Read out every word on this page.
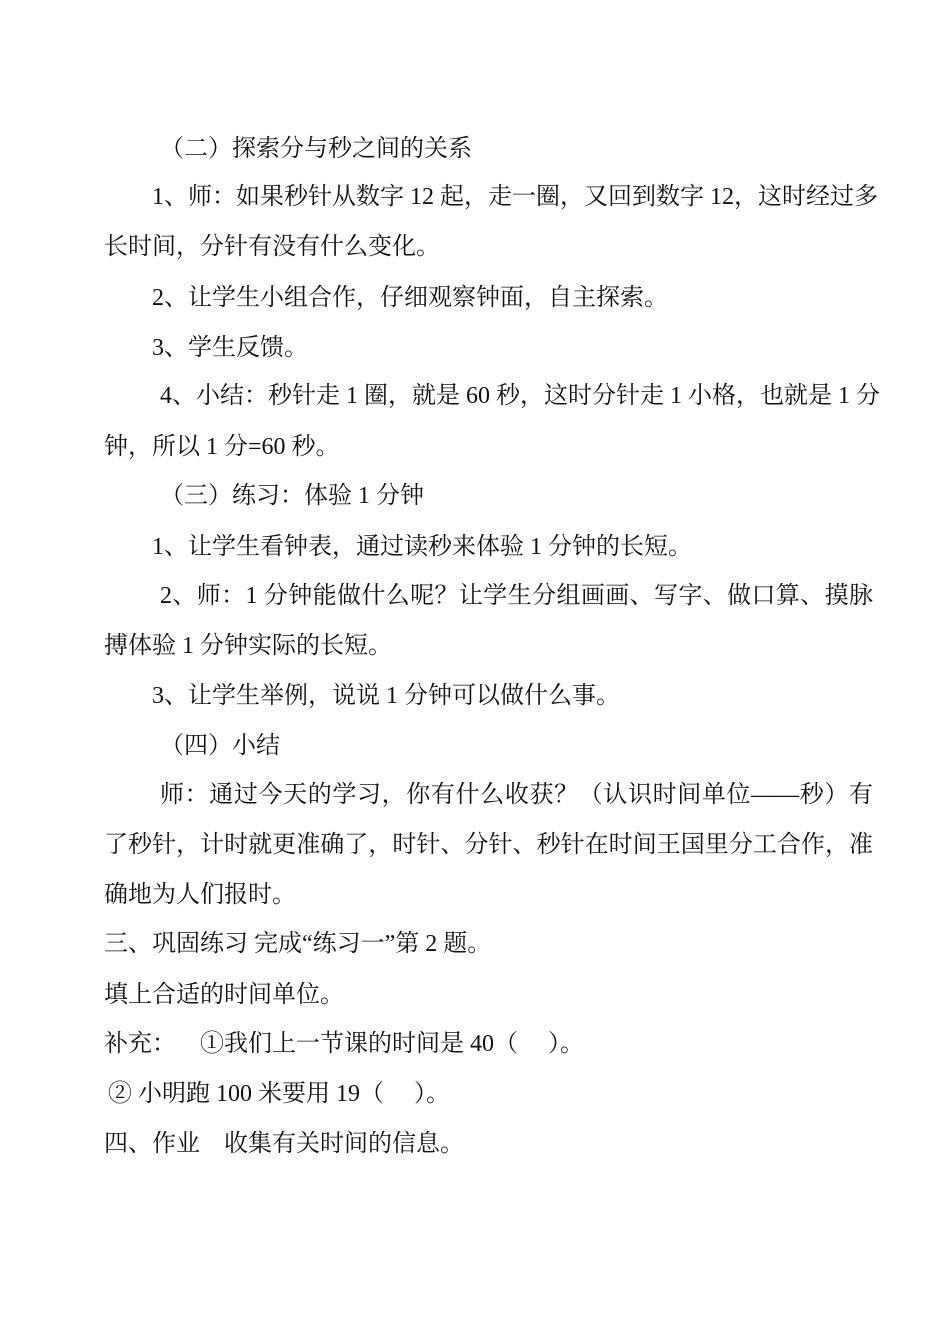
（二）探索分与秒之间的关系
1、师：如果秒针从数字 12 起，走一圈，又回到数字 12，这时经过多
长时间，分针有没有什么变化。
2、让学生小组合作，仔细观察钟面，自主探索。
3、学生反馈。
4、小结：秒针走 1 圈，就是 60 秒，这时分针走 1 小格，也就是 1 分
钟，所以 1 分=60 秒。
（三）练习：体验 1 分钟
1、让学生看钟表，通过读秒来体验 1 分钟的长短。
2、师：1 分钟能做什么呢？让学生分组画画、写字、做口算、摸脉
搏体验 1 分钟实际的长短。
3、让学生举例，说说 1 分钟可以做什么事。
（四）小结
师：通过今天的学习，你有什么收获？（认识时间单位——秒）有
了秒针，计时就更准确了，时针、分针、秒针在时间王国里分工合作，准
确地为人们报时。
三、巩固练习 完成“练习一”第 2 题。
填上合适的时间单位。
补充：    ①我们上一节课的时间是 40（     ）。
② 小明跑 100 米要用 19（     ）。
四、作业    收集有关时间的信息。
